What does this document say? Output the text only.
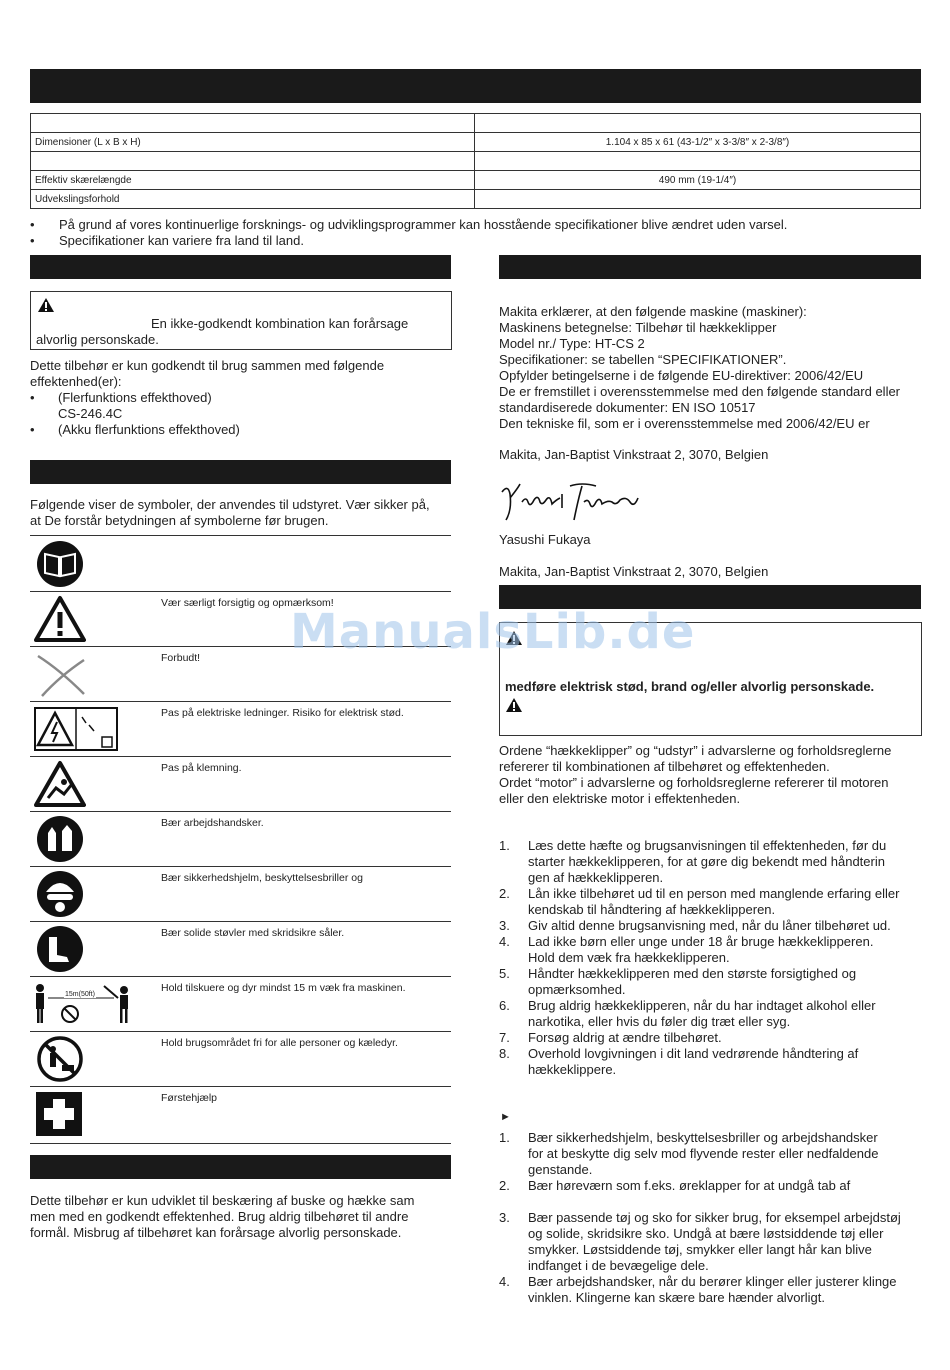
Dimensioner (L x B x H)	1.104 x 85 x 61 (43-1/2″ x 3-3/8″ x 2-3/8″)

Effektiv skærelængde	490 mm (19-1/4″)
Udvekslingsforhold	
• På grund af vores kontinuerlige forsknings- og udviklingsprogrammer kan hosstående specifikationer blive ændret uden varsel.
• Specifikationer kan variere fra land til land.
En ikke-godkendt kombination kan forårsage
alvorlig personskade.
Dette tilbehør er kun godkendt til brug sammen med følgende
effektenhed(er):
• (Flerfunktions effekthoved)
CS-246.4C
• (Akku flerfunktions effekthoved)
Følgende viser de symboler, der anvendes til udstyret. Vær sikker på,
at De forstår betydningen af symbolerne før brugen.
Vær særligt forsigtig og opmærksom!
Forbudt!
Pas på elektriske ledninger. Risiko for elektrisk stød.
Pas på klemning.
Bær arbejdshandsker.
Bær sikkerhedshjelm, beskyttelsesbriller og
Bær solide støvler med skridsikre såler.
15m(50ft)
Hold tilskuere og dyr mindst 15 m væk fra maskinen.
Hold brugsområdet fri for alle personer og kæledyr.
Førstehjælp
Dette tilbehør er kun udviklet til beskæring af buske og hække sam
men med en godkendt effektenhed. Brug aldrig tilbehøret til andre
formål. Misbrug af tilbehøret kan forårsage alvorlig personskade.
Makita erklærer, at den følgende maskine (maskiner):
Maskinens betegnelse: Tilbehør til hækkeklipper
Model nr./ Type: HT-CS 2
Specifikationer: se tabellen “SPECIFIKATIONER”.
Opfylder betingelserne i de følgende EU-direktiver: 2006/42/EU
De er fremstillet i overensstemmelse med den følgende standard eller
standardiserede dokumenter: EN ISO 10517
Den tekniske fil, som er i overensstemmelse med 2006/42/EU er
Makita, Jan-Baptist Vinkstraat 2, 3070, Belgien
Yasushi Fukaya
Makita, Jan-Baptist Vinkstraat 2, 3070, Belgien
medføre elektrisk stød, brand og/eller alvorlig personskade.
Ordene “hækkeklipper” og “udstyr” i advarslerne og forholdsreglerne
refererer til kombinationen af tilbehøret og effektenheden.
Ordet “motor” i advarslerne og forholdsreglerne refererer til motoren
eller den elektriske motor i effektenheden.
1. Læs dette hæfte og brugsanvisningen til effektenheden, før du
starter hækkeklipperen, for at gøre dig bekendt med håndterin
gen af hækkeklipperen.
2. Lån ikke tilbehøret ud til en person med manglende erfaring eller
kendskab til håndtering af hækkeklipperen.
3. Giv altid denne brugsanvisning med, når du låner tilbehøret ud.
4. Lad ikke børn eller unge under 18 år bruge hækkeklipperen.
Hold dem væk fra hækkeklipperen.
5. Håndter hækkeklipperen med den største forsigtighed og
opmærksomhed.
6. Brug aldrig hækkeklipperen, når du har indtaget alkohol eller
narkotika, eller hvis du føler dig træt eller syg.
7. Forsøg aldrig at ændre tilbehøret.
8. Overhold lovgivningen i dit land vedrørende håndtering af
hækkeklippere.
►
1. Bær sikkerhedshjelm, beskyttelsesbriller og arbejdshandsker
for at beskytte dig selv mod flyvende rester eller nedfaldende
genstande.
2. Bær høreværn som f.eks. øreklapper for at undgå tab af
3. Bær passende tøj og sko for sikker brug, for eksempel arbejdstøj
og solide, skridsikre sko. Undgå at bære løstsiddende tøj eller
smykker. Løstsiddende tøj, smykker eller langt hår kan blive
indfanget i de bevægelige dele.
4. Bær arbejdshandsker, når du berører klinger eller justerer klinge
vinklen. Klingerne kan skære bare hænder alvorligt.
ManualsLib.de
